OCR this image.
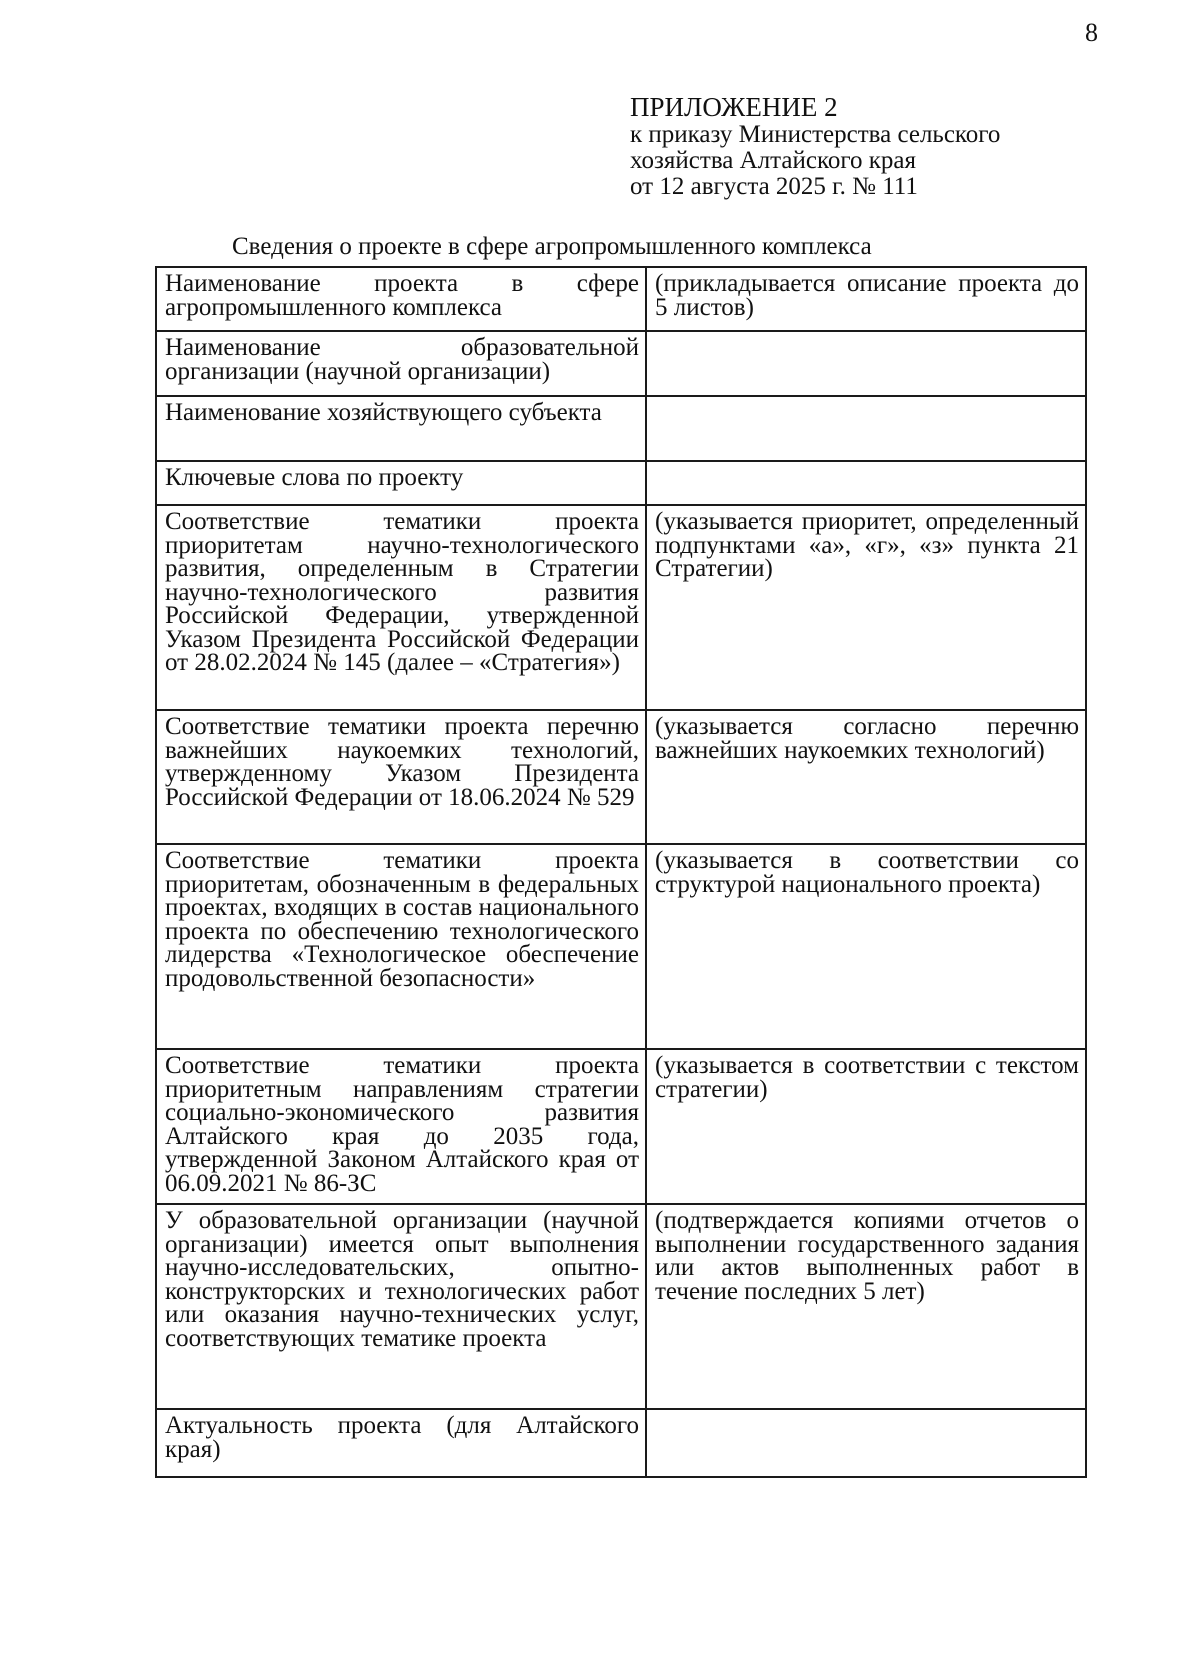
8
ПРИЛОЖЕНИЕ 2
к приказу Министерства сельского
хозяйства Алтайского края
от 12 августа 2025 г. № 111
Сведения о проекте в сфере агропромышленного комплекса
Наименование проекта в сфере агропромышленного комплекса	(прикладывается описание проекта до 5 листов)
Наименование образовательной организации (научной организации)	
Наименование хозяйствующего субъекта	
Ключевые слова по проекту	
Соответствие тематики проекта приоритетам научно-технологического развития, определенным в Стратегии научно-технологического развития Российской Федерации, утвержденной Указом Президента Российской Федерации от 28.02.2024 № 145 (далее – «Стратегия»)	(указывается приоритет, определенный подпунктами «а», «г», «з» пункта 21 Стратегии)
Соответствие тематики проекта перечню важнейших наукоемких технологий, утвержденному Указом Президента Российской Федерации от 18.06.2024 № 529	(указывается согласно перечню важнейших наукоемких технологий)
Соответствие тематики проекта приоритетам, обозначенным в федеральных проектах, входящих в состав национального проекта по обеспечению технологического лидерства «Технологическое обеспечение продовольственной безопасности»	(указывается в соответствии со структурой национального проекта)
Соответствие тематики проекта приоритетным направлениям стратегии социально-экономического развития Алтайского края до 2035 года, утвержденной Законом Алтайского края от 06.09.2021 № 86-ЗС	(указывается в соответствии с текстом стратегии)
У образовательной организации (научной организации) имеется опыт выполнения научно-исследовательских, опытно-конструкторских и технологических работ или оказания научно-технических услуг, соответствующих тематике проекта	(подтверждается копиями отчетов о выполнении государственного задания или актов выполненных работ в течение последних 5 лет)
Актуальность проекта (для Алтайского края)	
